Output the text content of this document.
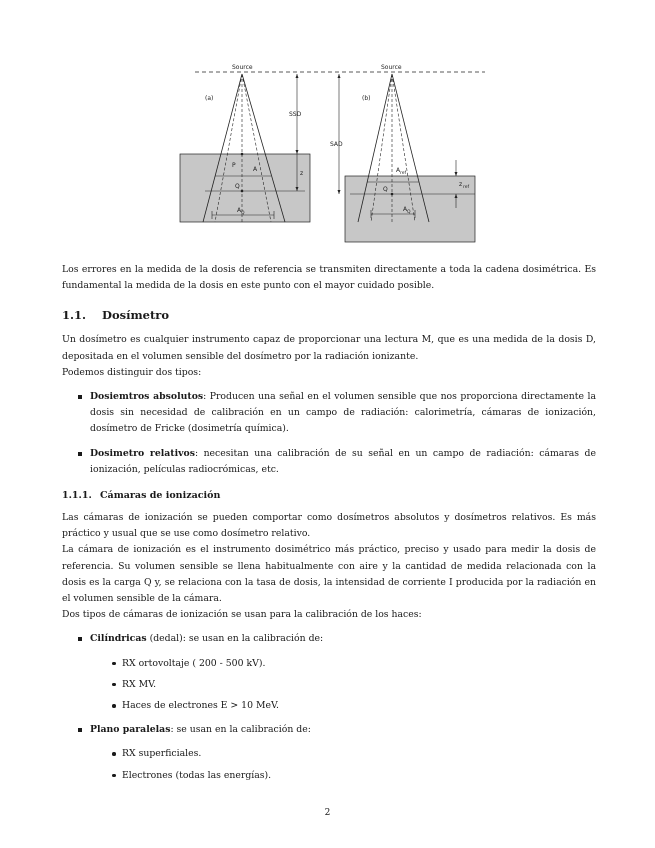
Source	Source
(a)	(b)
SSD
SAD
P
A
z
Q
A Q
A ref
Q
A Q
z ref

Los errores en la medida de la dosis de referencia se transmiten directamente a toda la cadena dosimétrica. Es fundamental la medida de la dosis en este punto con el mayor cuidado posible.

1.1. Dosímetro

Un dosímetro es cualquier instrumento capaz de proporcionar una lectura M, que es una medida de la dosis D, depositada en el volumen sensible del dosímetro por la radiación ionizante.

Podemos distinguir dos tipos:

Dosiemtros absolutos: Producen una señal en el volumen sensible que nos proporciona directamente la dosis sin necesidad de calibración en un campo de radiación: calorimetría, cámaras de ionización, dosímetro de Fricke (dosimetría química).
Dosimetro relativos: necesitan una calibración de su señal en un campo de radiación: cámaras de ionización, películas radiocrómicas, etc.
1.1.1. Cámaras de ionización

Las cámaras de ionización se pueden comportar como dosímetros absolutos y dosímetros relativos. Es más práctico y usual que se use como dosímetro relativo.

La cámara de ionización es el instrumento dosimétrico más práctico, preciso y usado para medir la dosis de referencia. Su volumen sensible se llena habitualmente con aire y la cantidad de medida relacionada con la dosis es la carga Q y, se relaciona con la tasa de dosis, la intensidad de corriente I producida por la radiación en el volumen sensible de la cámara.

Dos tipos de cámaras de ionización se usan para la calibración de los haces:

Cilíndricas (dedal): se usan en la calibración de:
RX ortovoltaje ( 200 - 500 kV).
RX MV.
Haces de electrones E > 10 MeV.
Plano paralelas: se usan en la calibración de:
RX superficiales.
Electrones (todas las energías).
2
